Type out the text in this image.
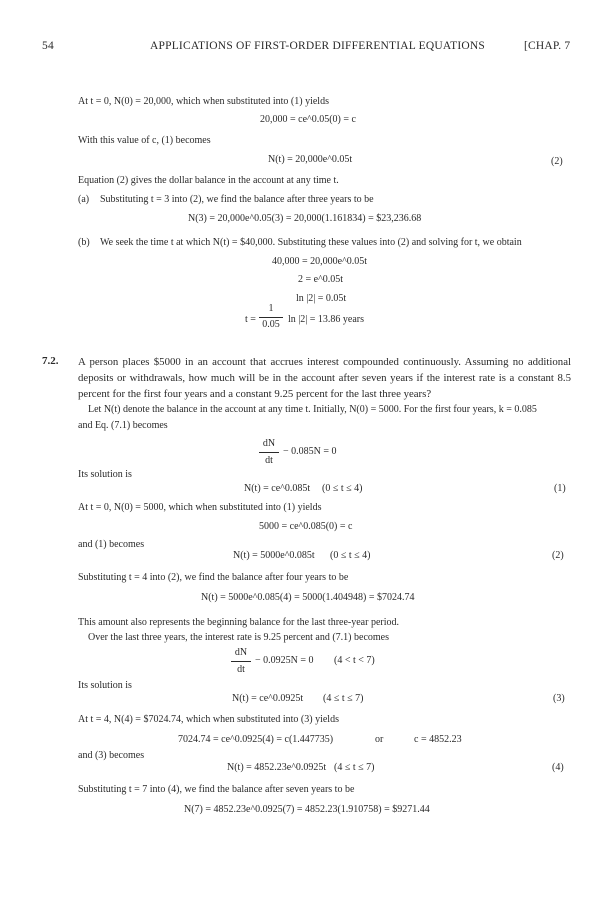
54	APPLICATIONS OF FIRST-ORDER DIFFERENTIAL EQUATIONS	[CHAP. 7
At t = 0, N(0) = 20,000, which when substituted into (1) yields
20,000 = ce^0.05(0) = c
With this value of c, (1) becomes
N(t) = 20,000e^0.05t	(2)
Equation (2) gives the dollar balance in the account at any time t.
(a) Substituting t = 3 into (2), we find the balance after three years to be
N(3) = 20,000e^0.05(3) = 20,000(1.161834) = $23,236.68
(b) We seek the time t at which N(t) = $40,000. Substituting these values into (2) and solving for t, we obtain
40,000 = 20,000e^0.05t
2 = e^0.05t
ln |2| = 0.05t
t =
1
0.05 ln |2| = 13.86 years
7.2. A person places $5000 in an account that accrues interest compounded continuously. Assuming no additional deposits or withdrawals, how much will be in the account after seven years if the interest rate is a constant 8.5 percent for the first four years and a constant 9.25 percent for the last three years?
Let N(t) denote the balance in the account at any time t. Initially, N(0) = 5000. For the first four years, k = 0.085
and Eq. (7.1) becomes
dN
dt
− 0.085N = 0
Its solution is
N(t) = ce^0.085t (0 ≤ t ≤ 4)	(1)
At t = 0, N(0) = 5000, which when substituted into (1) yields
5000 = ce^0.085(0) = c
and (1) becomes
N(t) = 5000e^0.085t (0 ≤ t ≤ 4)	(2)
Substituting t = 4 into (2), we find the balance after four years to be
N(t) = 5000e^0.085(4) = 5000(1.404948) = $7024.74
This amount also represents the beginning balance for the last three-year period.
Over the last three years, the interest rate is 9.25 percent and (7.1) becomes
dN
dt
− 0.0925N = 0 (4 < t < 7)
Its solution is
N(t) = ce^0.0925t (4 ≤ t ≤ 7)	(3)
At t = 4, N(4) = $7024.74, which when substituted into (3) yields
7024.74 = ce^0.0925(4) = c(1.447735)	or	c = 4852.23
and (3) becomes
N(t) = 4852.23e^0.0925t (4 ≤ t ≤ 7)	(4)
Substituting t = 7 into (4), we find the balance after seven years to be
N(7) = 4852.23e^0.0925(7) = 4852.23(1.910758) = $9271.44
